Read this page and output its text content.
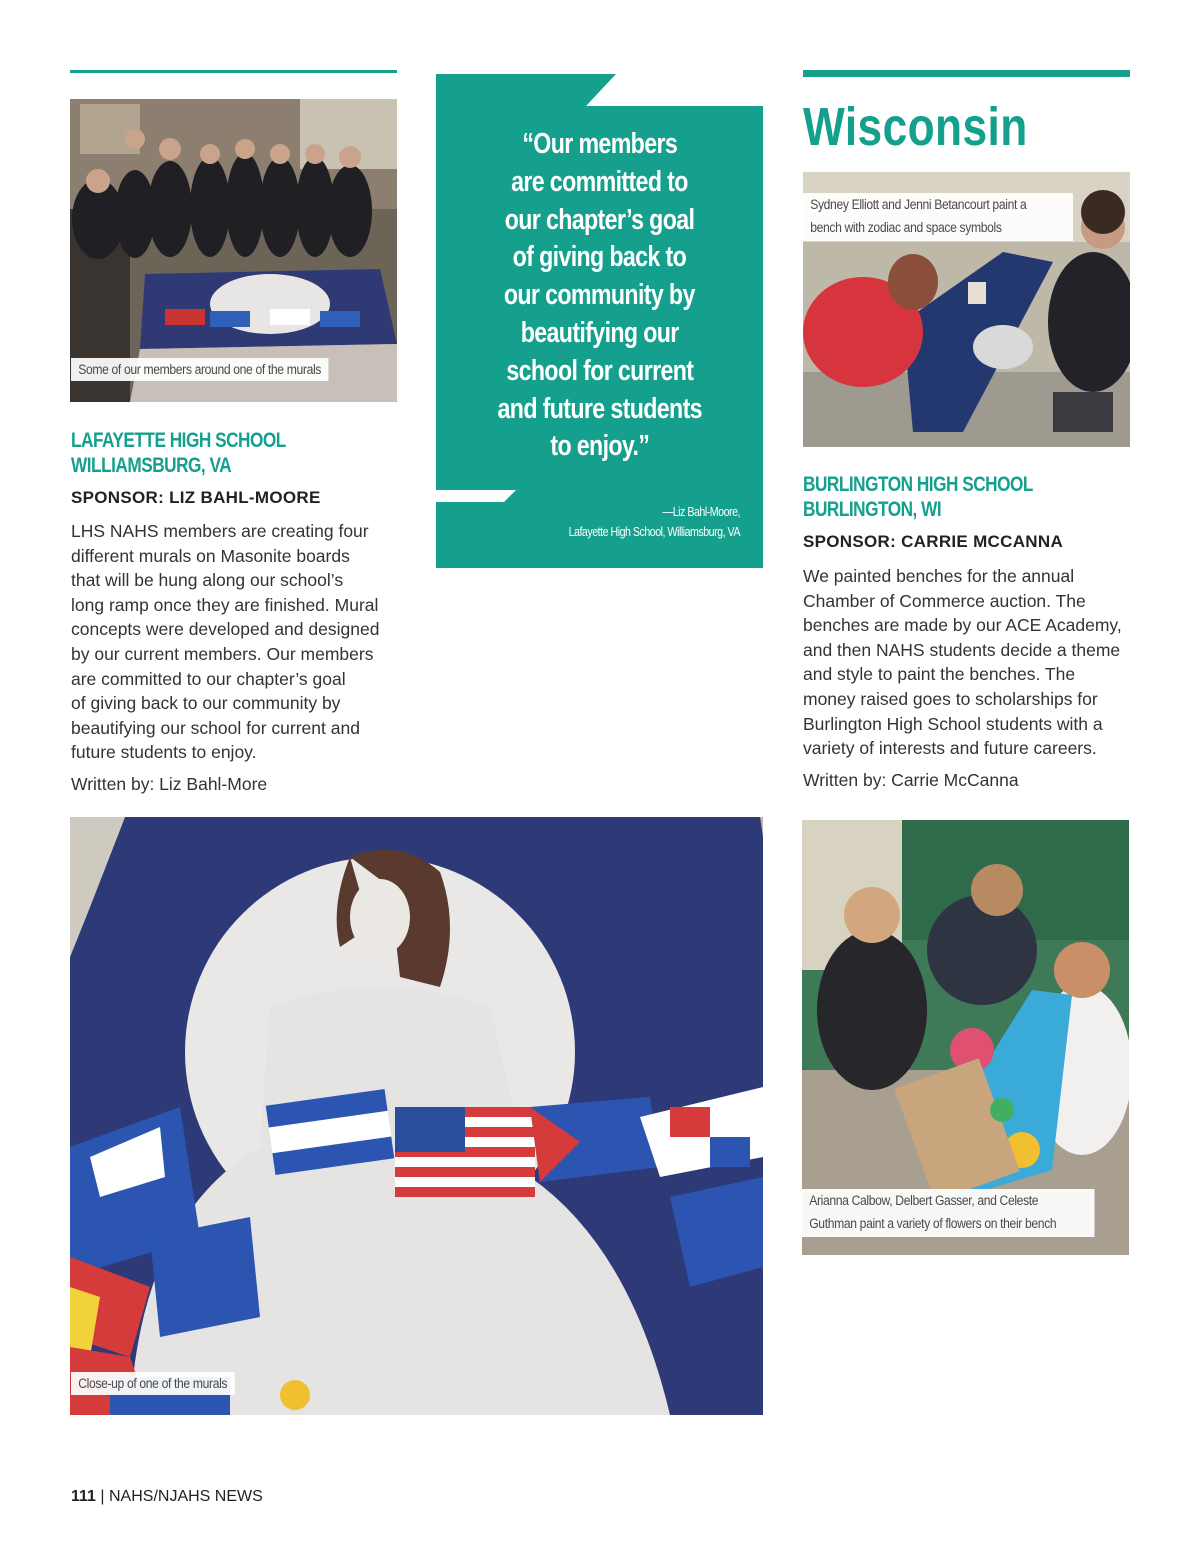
Some of our members around one of the murals
LAFAYETTE HIGH SCHOOL
WILLIAMSBURG, VA
SPONSOR: LIZ BAHL-MOORE
LHS NAHS members are creating four
different murals on Masonite boards
that will be hung along our school’s
long ramp once they are finished. Mural
concepts were developed and designed
by our current members. Our members
are committed to our chapter’s goal
of giving back to our community by
beautifying our school for current and
future students to enjoy.
Written by: Liz Bahl-More
“Our members
are committed to
our chapter’s goal
of giving back to
our community by
beautifying our
school for current
and future students
to enjoy.”
—Liz Bahl-Moore,
Lafayette High School, Williamsburg, VA
Wisconsin
Sydney Elliott and Jenni Betancourt paint a
bench with zodiac and space symbols
BURLINGTON HIGH SCHOOL
BURLINGTON, WI
SPONSOR: CARRIE MCCANNA
We painted benches for the annual
Chamber of Commerce auction. The
benches are made by our ACE Academy,
and then NAHS students decide a theme
and style to paint the benches. The
money raised goes to scholarships for
Burlington High School students with a
variety of interests and future careers.
Written by: Carrie McCanna
Arianna Calbow, Delbert Gasser, and Celeste
Guthman paint a variety of flowers on their bench
Close-up of one of the murals
111 | NAHS/NJAHS NEWS
